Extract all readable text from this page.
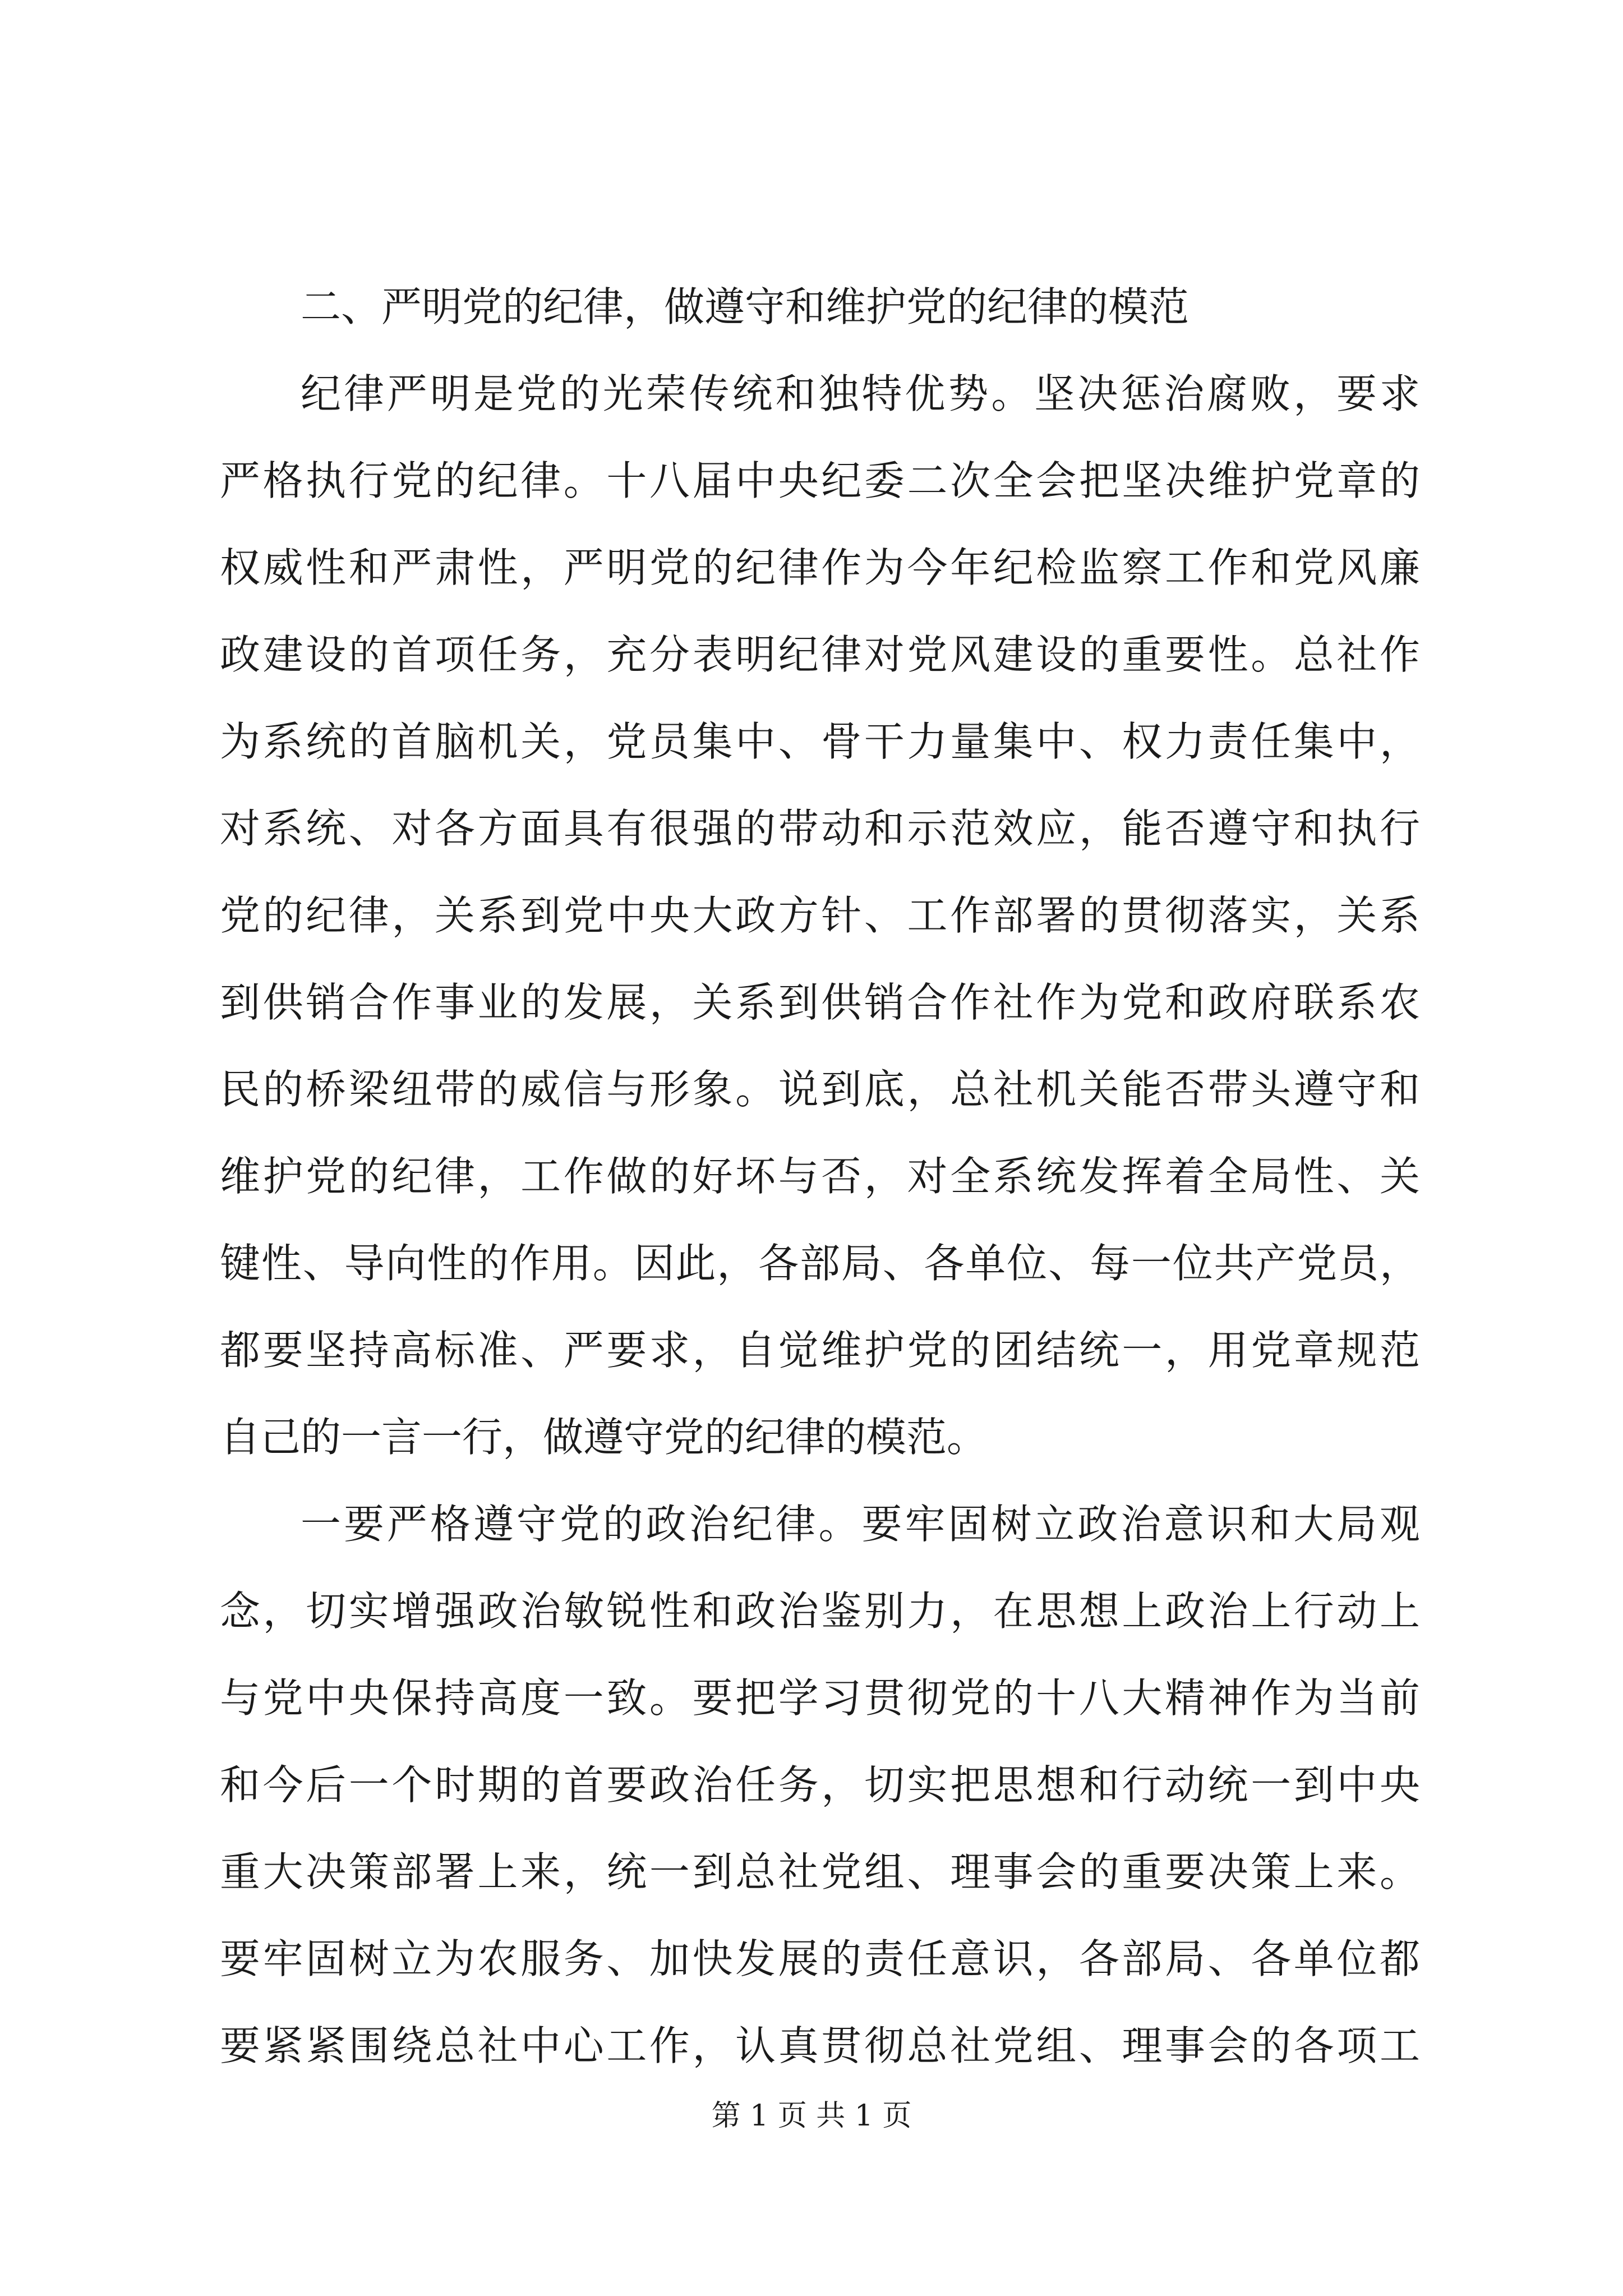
二、严明党的纪律，做遵守和维护党的纪律的模范
纪律严明是党的光荣传统和独特优势。坚决惩治腐败，要求
严格执行党的纪律。十八届中央纪委二次全会把坚决维护党章的
权威性和严肃性，严明党的纪律作为今年纪检监察工作和党风廉
政建设的首项任务，充分表明纪律对党风建设的重要性。总社作
为系统的首脑机关，党员集中、骨干力量集中、权力责任集中，
对系统、对各方面具有很强的带动和示范效应，能否遵守和执行
党的纪律，关系到党中央大政方针、工作部署的贯彻落实，关系
到供销合作事业的发展，关系到供销合作社作为党和政府联系农
民的桥梁纽带的威信与形象。说到底，总社机关能否带头遵守和
维护党的纪律，工作做的好坏与否，对全系统发挥着全局性、关
键性、导向性的作用。因此，各部局、各单位、每一位共产党员，
都要坚持高标准、严要求，自觉维护党的团结统一，用党章规范
自己的一言一行，做遵守党的纪律的模范。
一要严格遵守党的政治纪律。要牢固树立政治意识和大局观
念，切实增强政治敏锐性和政治鉴别力，在思想上政治上行动上
与党中央保持高度一致。要把学习贯彻党的十八大精神作为当前
和今后一个时期的首要政治任务，切实把思想和行动统一到中央
重大决策部署上来，统一到总社党组、理事会的重要决策上来。
要牢固树立为农服务、加快发展的责任意识，各部局、各单位都
要紧紧围绕总社中心工作，认真贯彻总社党组、理事会的各项工
第 1 页 共 1 页
